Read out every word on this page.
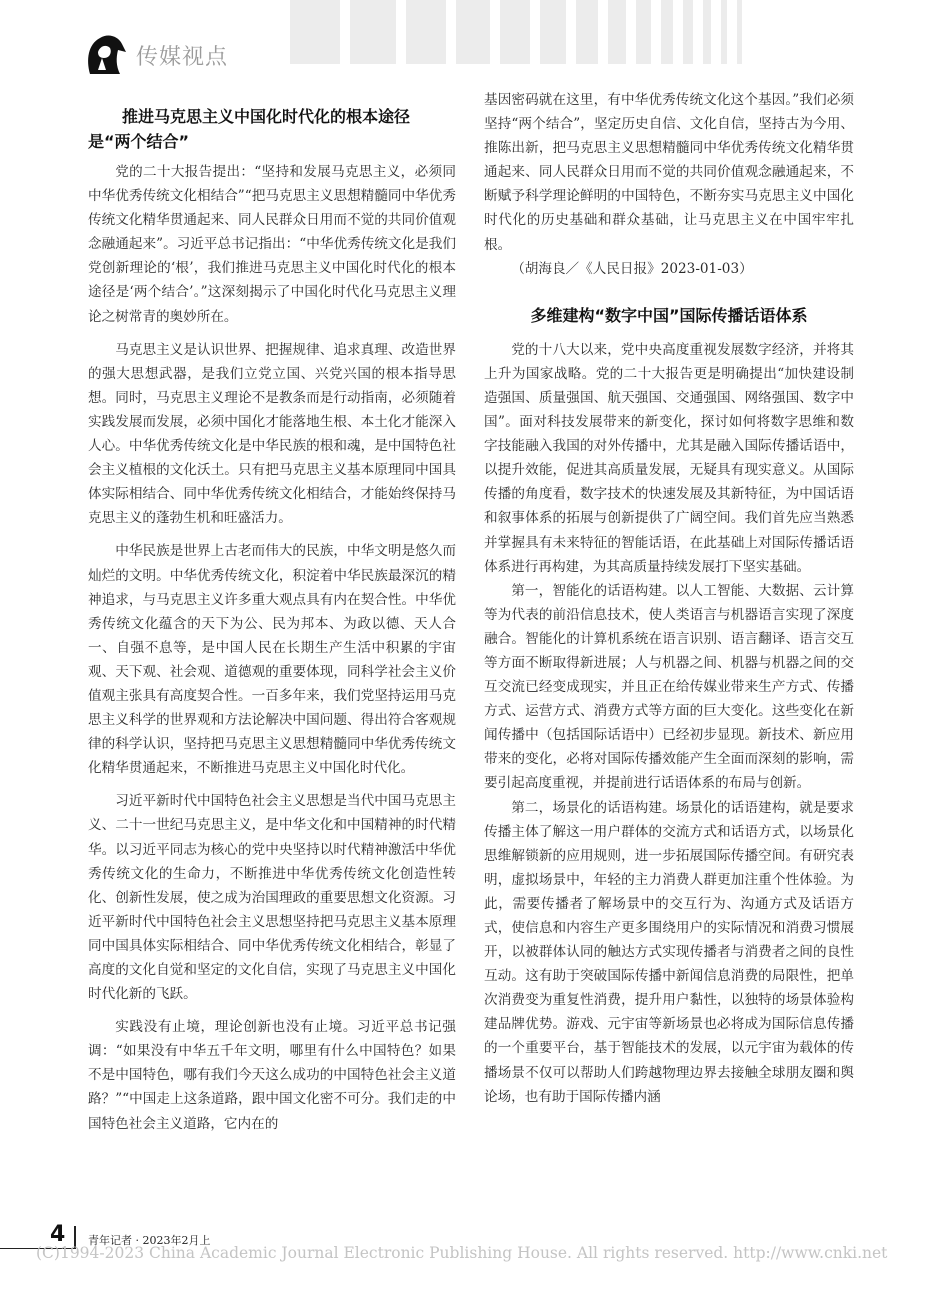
传媒视点
推进马克思主义中国化时代化的根本途径
是“两个结合”

党的二十大报告提出：“坚持和发展马克思主义，必须同中华优秀传统文化相结合”“把马克思主义思想精髓同中华优秀传统文化精华贯通起来、同人民群众日用而不觉的共同价值观念融通起来”。习近平总书记指出：“中华优秀传统文化是我们党创新理论的‘根’，我们推进马克思主义中国化时代化的根本途径是‘两个结合’。”这深刻揭示了中国化时代化马克思主义理论之树常青的奥妙所在。

马克思主义是认识世界、把握规律、追求真理、改造世界的强大思想武器，是我们立党立国、兴党兴国的根本指导思想。同时，马克思主义理论不是教条而是行动指南，必须随着实践发展而发展，必须中国化才能落地生根、本土化才能深入人心。中华优秀传统文化是中华民族的根和魂，是中国特色社会主义植根的文化沃土。只有把马克思主义基本原理同中国具体实际相结合、同中华优秀传统文化相结合，才能始终保持马克思主义的蓬勃生机和旺盛活力。

中华民族是世界上古老而伟大的民族，中华文明是悠久而灿烂的文明。中华优秀传统文化，积淀着中华民族最深沉的精神追求，与马克思主义许多重大观点具有内在契合性。中华优秀传统文化蕴含的天下为公、民为邦本、为政以德、天人合一、自强不息等，是中国人民在长期生产生活中积累的宇宙观、天下观、社会观、道德观的重要体现，同科学社会主义价值观主张具有高度契合性。一百多年来，我们党坚持运用马克思主义科学的世界观和方法论解决中国问题、得出符合客观规律的科学认识，坚持把马克思主义思想精髓同中华优秀传统文化精华贯通起来，不断推进马克思主义中国化时代化。

习近平新时代中国特色社会主义思想是当代中国马克思主义、二十一世纪马克思主义，是中华文化和中国精神的时代精华。以习近平同志为核心的党中央坚持以时代精神激活中华优秀传统文化的生命力，不断推进中华优秀传统文化创造性转化、创新性发展，使之成为治国理政的重要思想文化资源。习近平新时代中国特色社会主义思想坚持把马克思主义基本原理同中国具体实际相结合、同中华优秀传统文化相结合，彰显了高度的文化自觉和坚定的文化自信，实现了马克思主义中国化时代化新的飞跃。

实践没有止境，理论创新也没有止境。习近平总书记强调：“如果没有中华五千年文明，哪里有什么中国特色？如果不是中国特色，哪有我们今天这么成功的中国特色社会主义道路？”“中国走上这条道路，跟中国文化密不可分。我们走的中国特色社会主义道路，它内在的

基因密码就在这里，有中华优秀传统文化这个基因。”我们必须坚持“两个结合”，坚定历史自信、文化自信，坚持古为今用、推陈出新，把马克思主义思想精髓同中华优秀传统文化精华贯通起来、同人民群众日用而不觉的共同价值观念融通起来，不断赋予科学理论鲜明的中国特色，不断夯实马克思主义中国化时代化的历史基础和群众基础，让马克思主义在中国牢牢扎根。

（胡海良／《人民日报》2023-01-03）

多维建构“数字中国”国际传播话语体系

党的十八大以来，党中央高度重视发展数字经济，并将其上升为国家战略。党的二十大报告更是明确提出“加快建设制造强国、质量强国、航天强国、交通强国、网络强国、数字中国”。面对科技发展带来的新变化，探讨如何将数字思维和数字技能融入我国的对外传播中，尤其是融入国际传播话语中，以提升效能，促进其高质量发展，无疑具有现实意义。从国际传播的角度看，数字技术的快速发展及其新特征，为中国话语和叙事体系的拓展与创新提供了广阔空间。我们首先应当熟悉并掌握具有未来特征的智能话语，在此基础上对国际传播话语体系进行再构建，为其高质量持续发展打下坚实基础。

第一，智能化的话语构建。以人工智能、大数据、云计算等为代表的前沿信息技术，使人类语言与机器语言实现了深度融合。智能化的计算机系统在语言识别、语言翻译、语言交互等方面不断取得新进展；人与机器之间、机器与机器之间的交互交流已经变成现实，并且正在给传媒业带来生产方式、传播方式、运营方式、消费方式等方面的巨大变化。这些变化在新闻传播中（包括国际话语中）已经初步显现。新技术、新应用带来的变化，必将对国际传播效能产生全面而深刻的影响，需要引起高度重视，并提前进行话语体系的布局与创新。

第二，场景化的话语构建。场景化的话语建构，就是要求传播主体了解这一用户群体的交流方式和话语方式，以场景化思维解锁新的应用规则，进一步拓展国际传播空间。有研究表明，虚拟场景中，年轻的主力消费人群更加注重个性体验。为此，需要传播者了解场景中的交互行为、沟通方式及话语方式，使信息和内容生产更多围绕用户的实际情况和消费习惯展开，以被群体认同的触达方式实现传播者与消费者之间的良性互动。这有助于突破国际传播中新闻信息消费的局限性，把单次消费变为重复性消费，提升用户黏性，以独特的场景体验构建品牌优势。游戏、元宇宙等新场景也必将成为国际信息传播的一个重要平台，基于智能技术的发展，以元宇宙为载体的传播场景不仅可以帮助人们跨越物理边界去接触全球朋友圈和舆论场，也有助于国际传播内涵

4 青年记者 · 2023年2月上
(C)1994-2023 China Academic Journal Electronic Publishing House. All rights reserved. http://www.cnki.net
